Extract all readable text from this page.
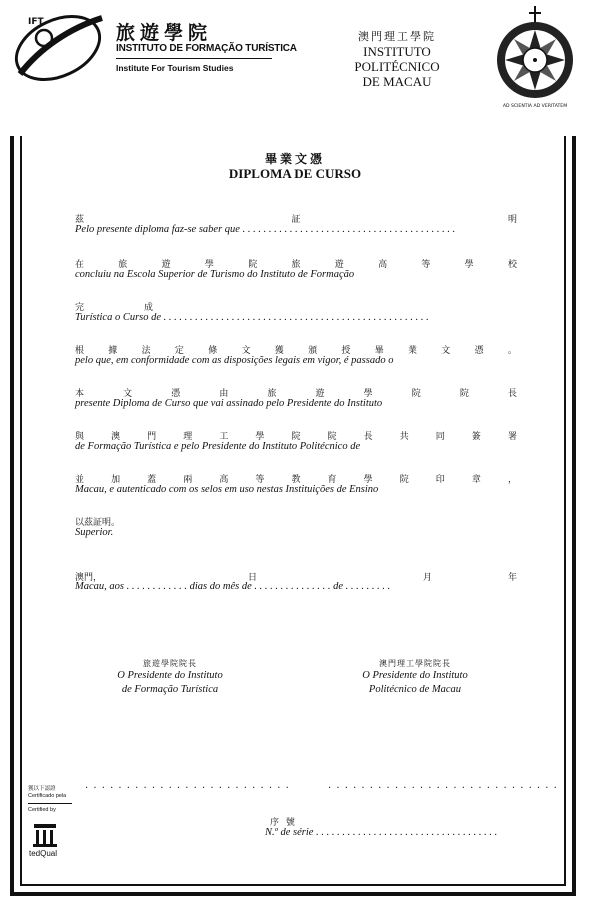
IFT	旅遊學院
INSTITUTO DE FORMAÇÃO TURÍSTICA
Institute For Tourism Studies
澳門理工學院
INSTITUTO POLITÉCNICO
DE MACAU
AD SCIENTIA AD VERITATEM
畢業文憑
DIPLOMA DE CURSO
茲	証	明
Pelo presente diploma faz-se saber que . . . . . . . . . . . . . . . . . . . . . . . . . . . . . . . . . . . . . . . . .
在	旅	遊	學	院	旅	遊	高	等	學	校
concluiu na Escola Superior de Turismo do Instituto de Formação
完	成
Turística o Curso de . . . . . . . . . . . . . . . . . . . . . . . . . . . . . . . . . . . . . . . . . . . . . . . . . . .
根	據	法	定	條	文	獲	頒	授	畢	業	文	憑	。
pelo que, em conformidade com as disposições legais em vigor, é passado o
本	文	憑	由	旅	遊	學	院	院	長
presente Diploma de Curso que vai assinado pelo Presidente do Instituto
與	澳	門	理	工	學	院	院	長	共	同	簽	署
de Formação Turística e pelo Presidente do Instituto Politécnico de
並	加	蓋	兩	高	等	教	育	學	院	印	章	，
Macau, e autenticado com os selos em uso nestas Instituições de Ensino
以茲証明。
Superior.
澳門，	日	月	年
Macau, aos . . . . . . . . . . . . dias do mês de . . . . . . . . . . . . . . . de . . . . . . . . .
旅遊學院院長
O Presidente do Instituto
de Formação Turística
澳門理工學院院長
O Presidente do Instituto
Politécnico de Macau
. . . . . . . . . . . . . . . . . . . . . . . . .	. . . . . . . . . . . . . . . . . . . . . . . . . . . .
序 號
N.º de série . . . . . . . . . . . . . . . . . . . . . . . . . . . . . . . . . . .
獲以下認證
Certificado pela
Certified by
tedQual
